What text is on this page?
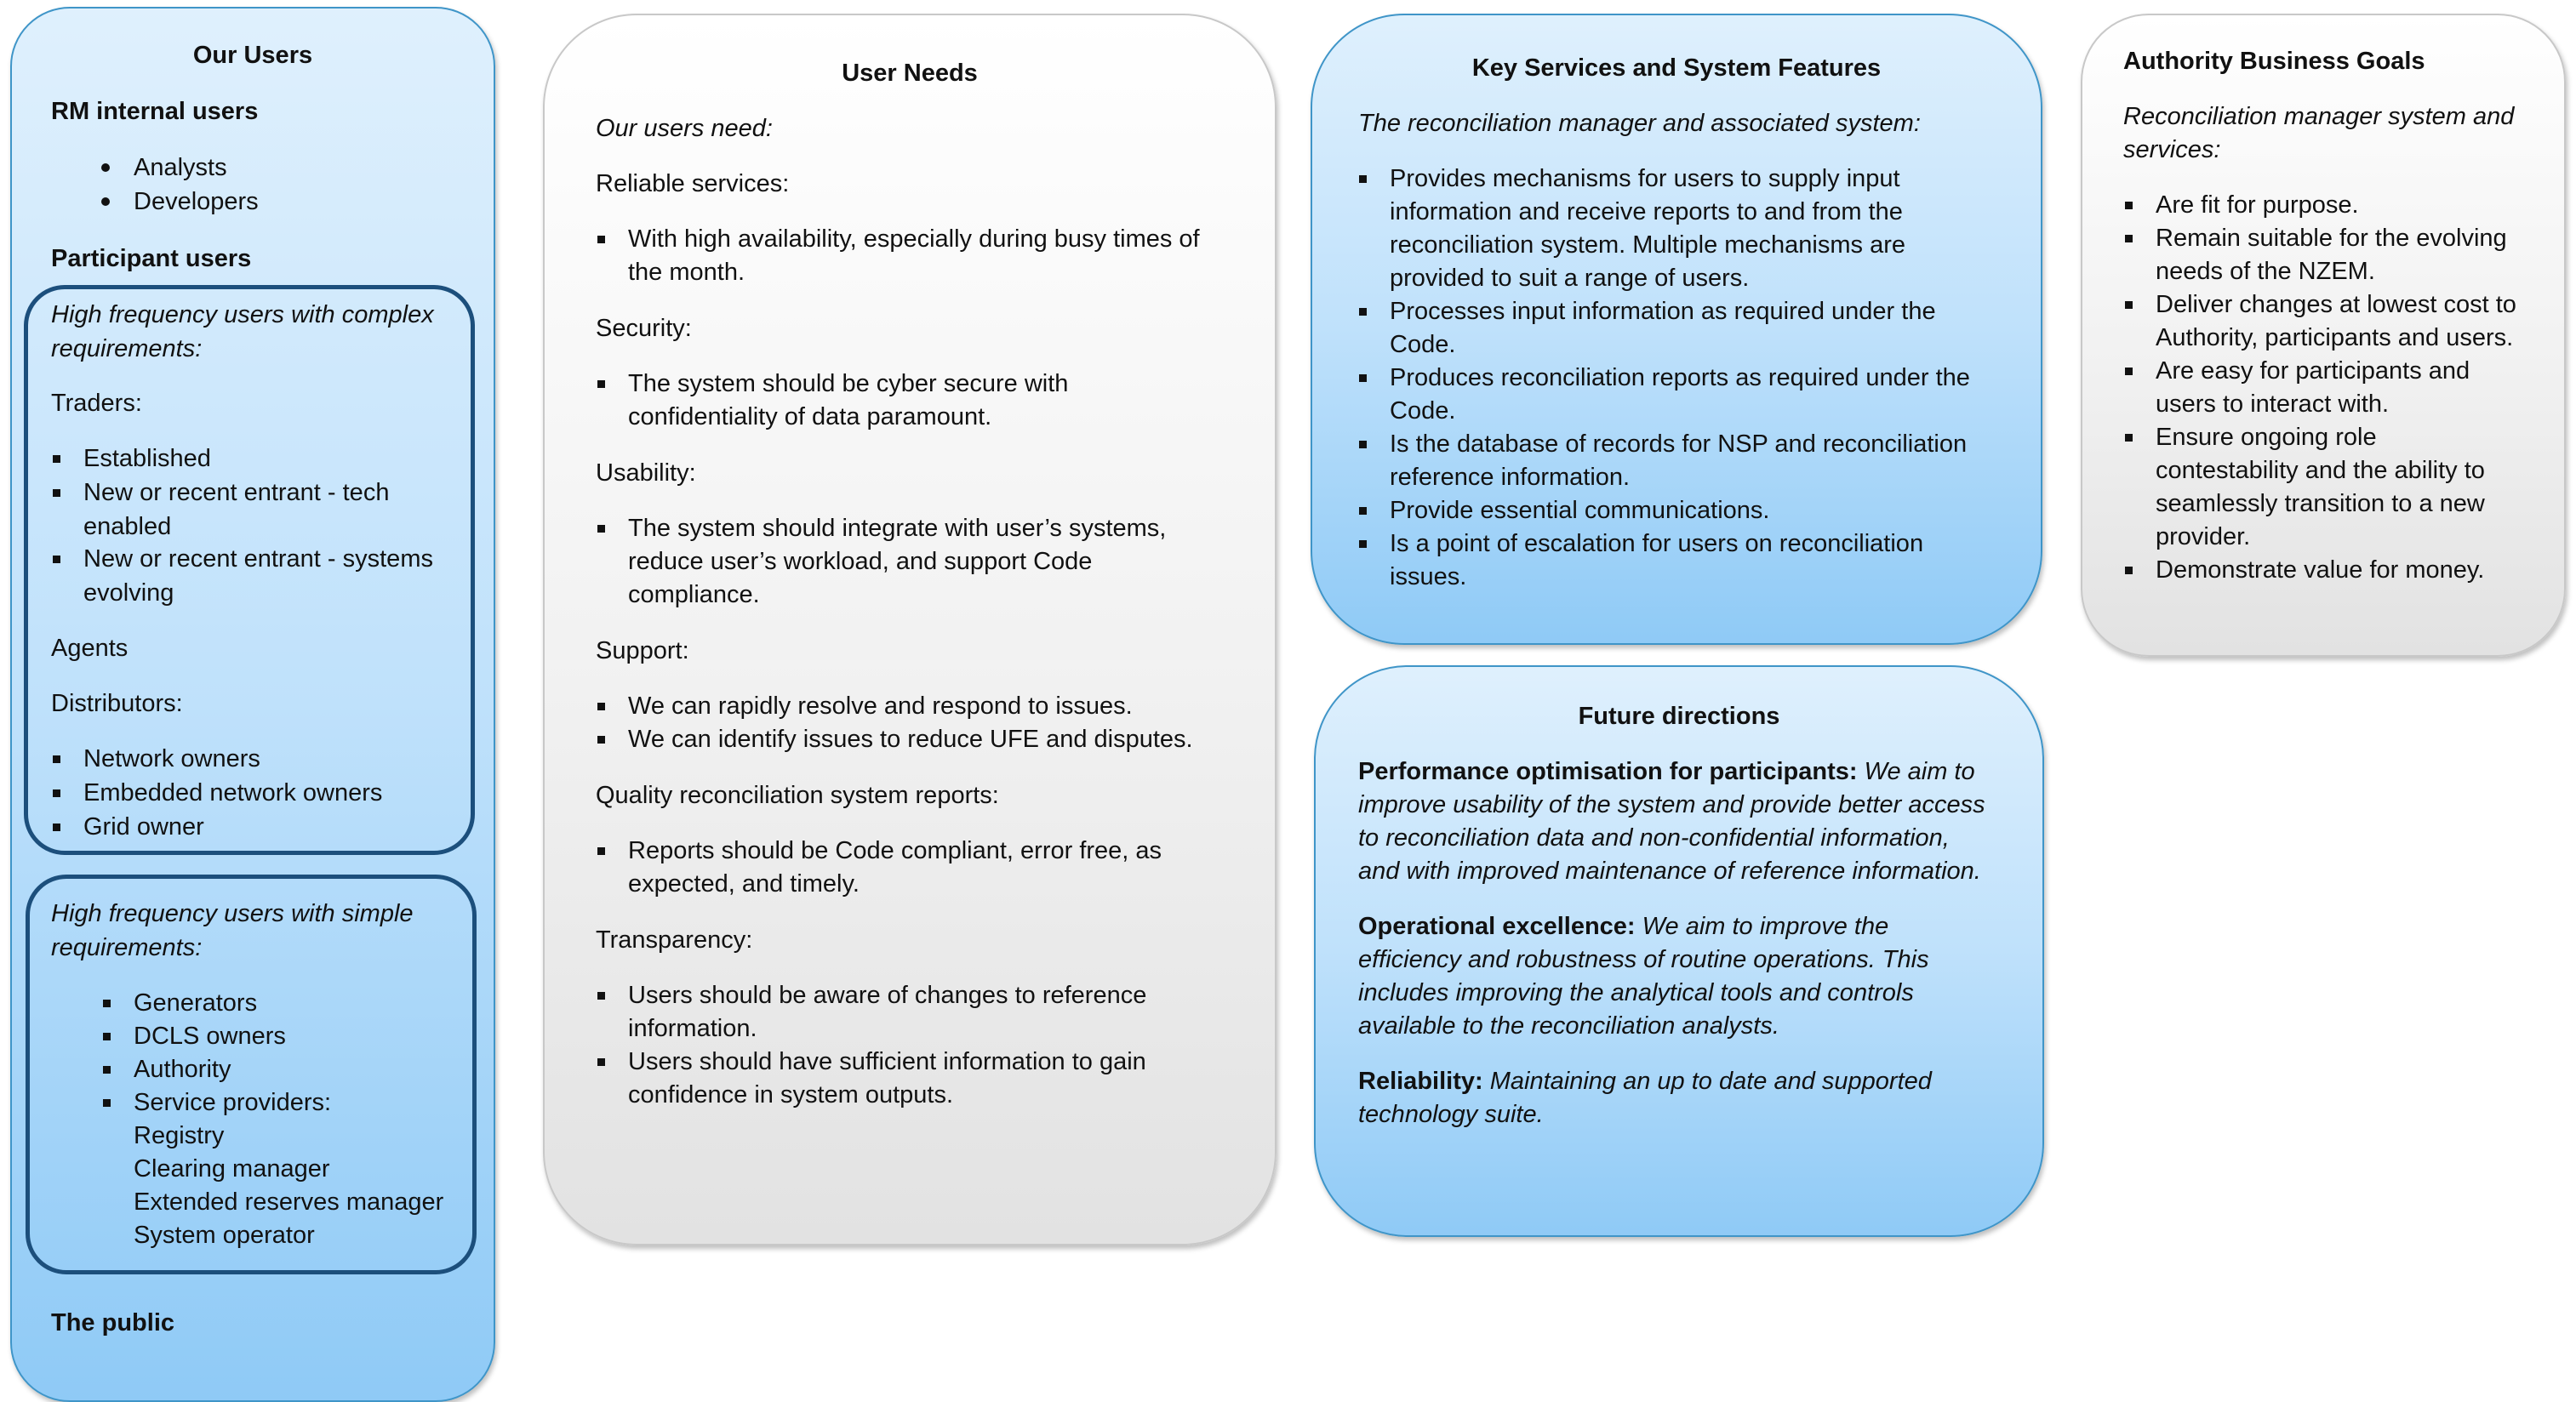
Our Users
RM internal users
Analysts
Developers
Participant users
High frequency users with complex
requirements:
Traders:
Established
New or recent entrant - tech
enabled
New or recent entrant - systems
evolving
Agents
Distributors:
Network owners
Embedded network owners
Grid owner
High frequency users with simple
requirements:
Generators
DCLS owners
Authority
Service providers:
Registry
Clearing manager
Extended reserves manager
System operator
The public
User Needs
Our users need:
Reliable services:
With high availability, especially during busy times of
the month.
Security:
The system should be cyber secure with
confidentiality of data paramount.
Usability:
The system should integrate with user’s systems,
reduce user’s workload, and support Code
compliance.
Support:
We can rapidly resolve and respond to issues.
We can identify issues to reduce UFE and disputes.
Quality reconciliation system reports:
Reports should be Code compliant, error free, as
expected, and timely.
Transparency:
Users should be aware of changes to reference
information.
Users should have sufficient information to gain
confidence in system outputs.
Key Services and System Features
The reconciliation manager and associated system:
Provides mechanisms for users to supply input
information and receive reports to and from the
reconciliation system. Multiple mechanisms are
provided to suit a range of users.
Processes input information as required under the
Code.
Produces reconciliation reports as required under the
Code.
Is the database of records for NSP and reconciliation
reference information.
Provide essential communications.
Is a point of escalation for users on reconciliation
issues.
Authority Business Goals
Reconciliation manager system and
services:
Are fit for purpose.
Remain suitable for the evolving
needs of the NZEM.
Deliver changes at lowest cost to
Authority, participants and users.
Are easy for participants and
users to interact with.
Ensure ongoing role
contestability and the ability to
seamlessly transition to a new
provider.
Demonstrate value for money.
Future directions
Performance optimisation for participants: We aim to
improve usability of the system and provide better access
to reconciliation data and non-confidential information,
and with improved maintenance of reference information.
Operational excellence: We aim to improve the
efficiency and robustness of routine operations. This
includes improving the analytical tools and controls
available to the reconciliation analysts.
Reliability: Maintaining an up to date and supported
technology suite.
